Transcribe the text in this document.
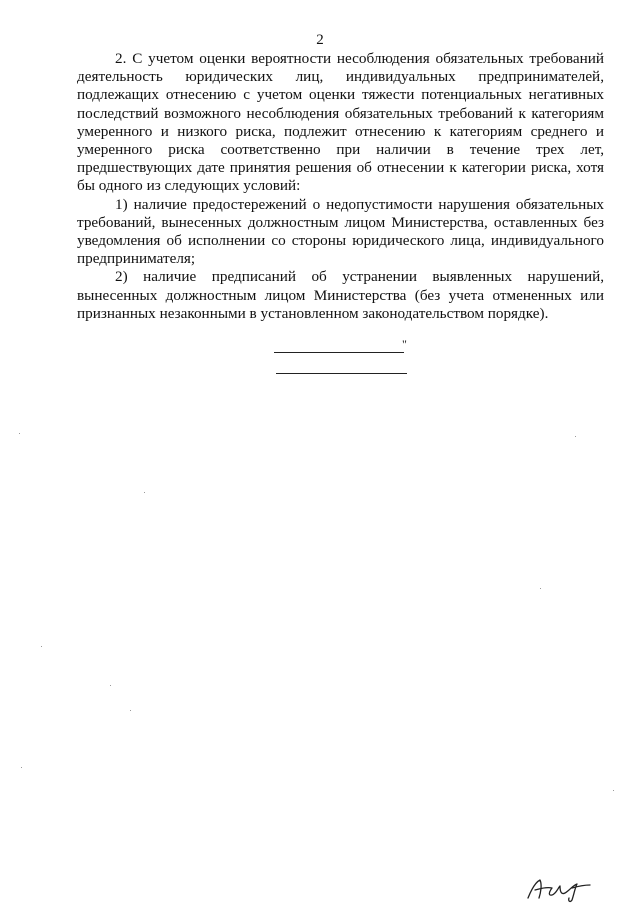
2

2. С учетом оценки вероятности несоблюдения обязательных требований деятельность юридических лиц, индивидуальных предпринимателей, подлежащих отнесению с учетом оценки тяжести потенциальных негативных последствий возможного несоблюдения обязательных требований к категориям умеренного и низкого риска, подлежит отнесению к категориям среднего и умеренного риска соответственно при наличии в течение трех лет, предшествующих дате принятия решения об отнесении к категории риска, хотя бы одного из следующих условий:

1) наличие предостережений о недопустимости нарушения обязательных требований, вынесенных должностным лицом Министерства, оставленных без уведомления об исполнении со стороны юридического лица, индивидуального предпринимателя;

2) наличие предписаний об устранении выявленных нарушений, вынесенных должностным лицом Министерства (без учета отмененных или признанных незаконными в установленном законодательством порядке).

"
